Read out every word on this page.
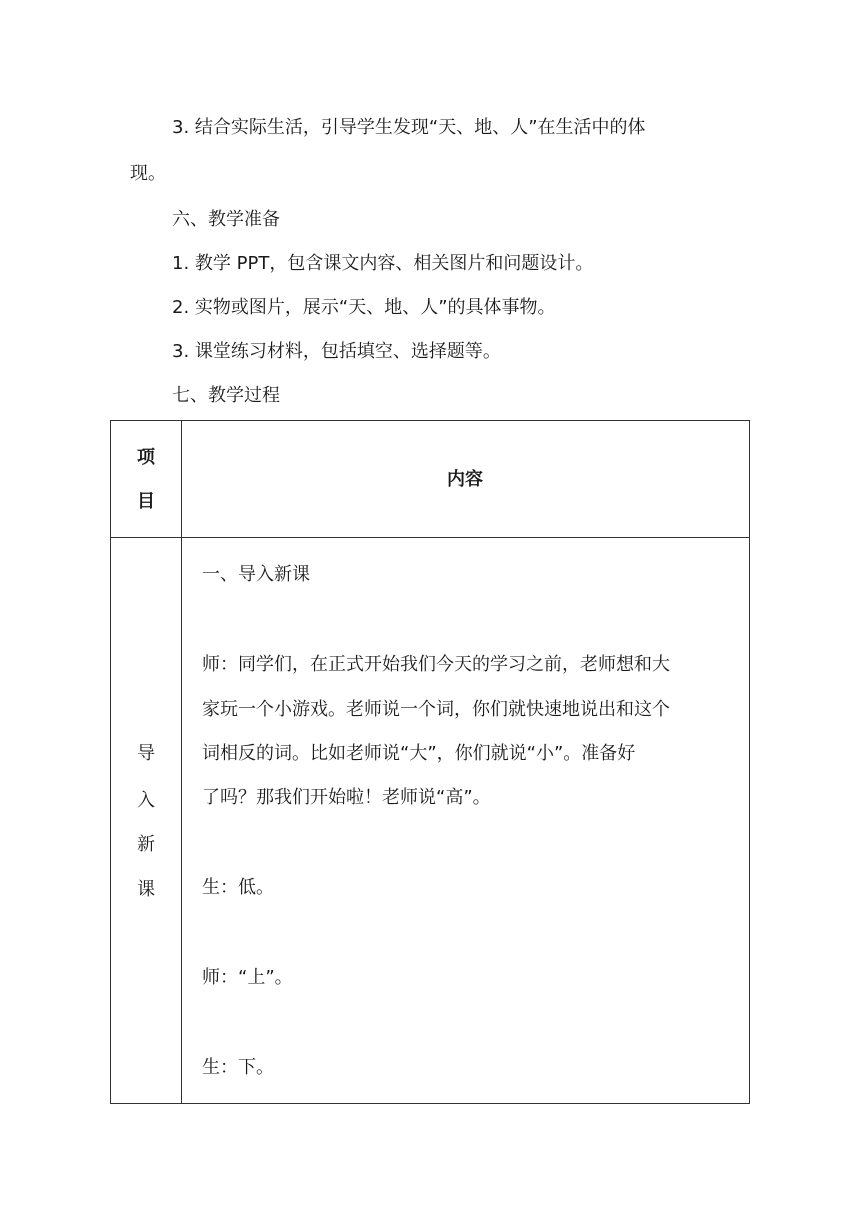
3. 结合实际生活，引导学生发现“天、地、人”在生活中的体
现。
六、教学准备
1. 教学 PPT，包含课文内容、相关图片和问题设计。
2. 实物或图片，展示“天、地、人”的具体事物。
3. 课堂练习材料，包括填空、选择题等。
七、教学过程
项
目
内容
导
入
新
课
一、导入新课
师：同学们，在正式开始我们今天的学习之前，老师想和大
家玩一个小游戏。老师说一个词，你们就快速地说出和这个
词相反的词。比如老师说“大”，你们就说“小”。准备好
了吗？那我们开始啦！老师说“高”。
生：低。
师：“上”。
生：下。
